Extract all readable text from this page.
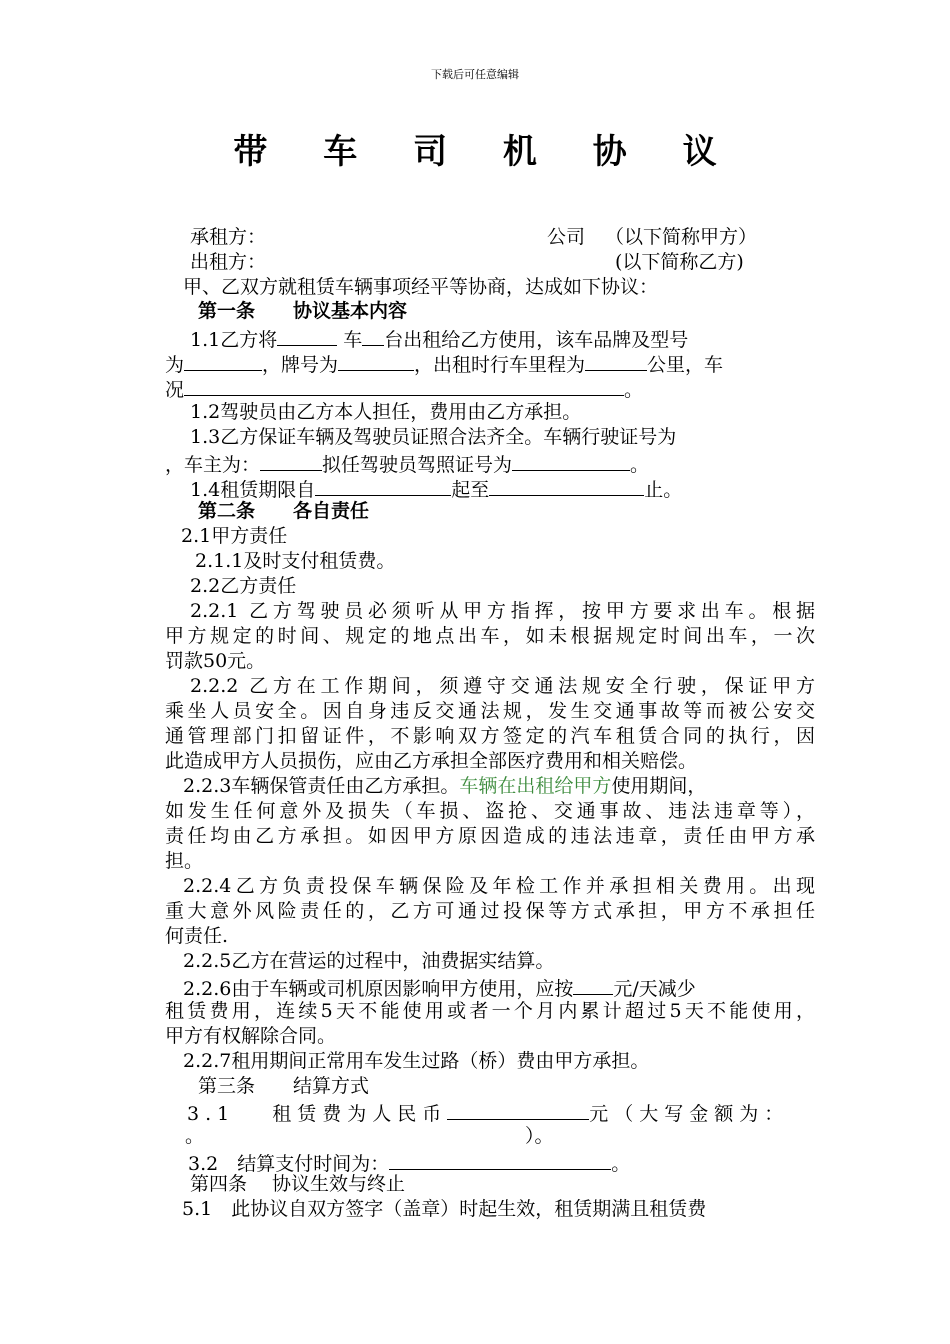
下载后可任意编辑
带 车 司 机 协 议
承租方：	公司 （以下简称甲方）
出租方：	(以下简称乙方)
甲、乙双方就租赁车辆事项经平等协商，达成如下协议：
第一条　　协议基本内容
1.1乙方将	车 台出租给乙方使用，该车品牌及型号
为	，牌号为	，出租时行车里程为	公里，车
况	。
1.2驾驶员由乙方本人担任，费用由乙方承担。
1.3乙方保证车辆及驾驶员证照合法齐全。车辆行驶证号为
，车主为：	拟任驾驶员驾照证号为	。
1.4租赁期限自	起至	止。
第二条　　各自责任
2.1甲方责任
2.1.1及时支付租赁费。
2.2乙方责任
2.2.1 乙方驾驶员必须听从甲方指挥，按甲方要求出车。根据
甲方规定的时间、规定的地点出车，如未根据规定时间出车，一次
罚款50元。
2.2.2 乙方在工作期间，须遵守交通法规安全行驶，保证甲方
乘坐人员安全。因自身违反交通法规，发生交通事故等而被公安交
通管理部门扣留证件，不影响双方签定的汽车租赁合同的执行，因
此造成甲方人员损伤，应由乙方承担全部医疗费用和相关赔偿。
2.2.3车辆保管责任由乙方承担。车辆在出租给甲方使用期间，
如发生任何意外及损失（车损、盗抢、交通事故、违法违章等），
责任均由乙方承担。如因甲方原因造成的违法违章，责任由甲方承
担。
2.2.4乙方负责投保车辆保险及年检工作并承担相关费用。出现
重大意外风险责任的，乙方可通过投保等方式承担，甲方不承担任
何责任.
2.2.5乙方在营运的过程中，油费据实结算。
2.2.6由于车辆或司机原因影响甲方使用，应按 元/天减少
租赁费用，连续5天不能使用或者一个月内累计超过5天不能使用，
甲方有权解除合同。
2.2.7租用期间正常用车发生过路（桥）费由甲方承担。
第三条　　结算方式
3.1　 租赁费为人民币	元（大写金额为：
。	）。
3.2　结算支付时间为：	。
第四条　 协议生效与终止
5.1　此协议自双方签字（盖章）时起生效，租赁期满且租赁费
